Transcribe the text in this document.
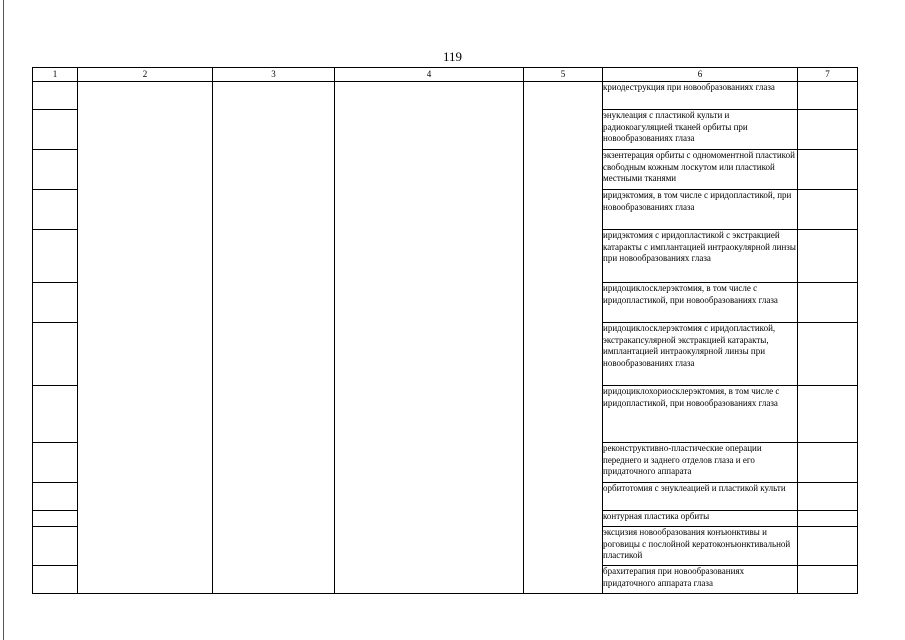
119
1	2	3	4	5	6	7
					криодеструкция при новообразованиях глаза	
					энуклеация с пластикой культи и радиокоагуляцией тканей орбиты при новообразованиях глаза	
					экзентерация орбиты с одномоментной пластикой свободным кожным лоскутом или пластикой местными тканями	
					иридэктомия, в том числе с иридопластикой, при новообразованиях глаза	
					иридэктомия с иридопластикой с экстракцией катаракты с имплантацией интраокулярной линзы при новообразованиях глаза	
					иридоциклосклерэктомия, в том числе с иридопластикой, при новообразованиях глаза	
					иридоциклосклерэктомия с иридопластикой, экстракапсулярной экстракцией катаракты, имплантацией интраокулярной линзы при новообразованиях глаза	
					иридоциклохориосклерэктомия, в том числе с иридопластикой, при новообразованиях глаза	
					реконструктивно-пластические операции переднего и заднего отделов глаза и его придаточного аппарата	
					орбитотомия с энуклеацией и пластикой культи	
					контурная пластика орбиты	
					эксцизия новообразования конъюнктивы и роговицы с послойной кератоконъюнктивальной пластикой	
					брахитерапия при новообразованиях придаточного аппарата глаза	
